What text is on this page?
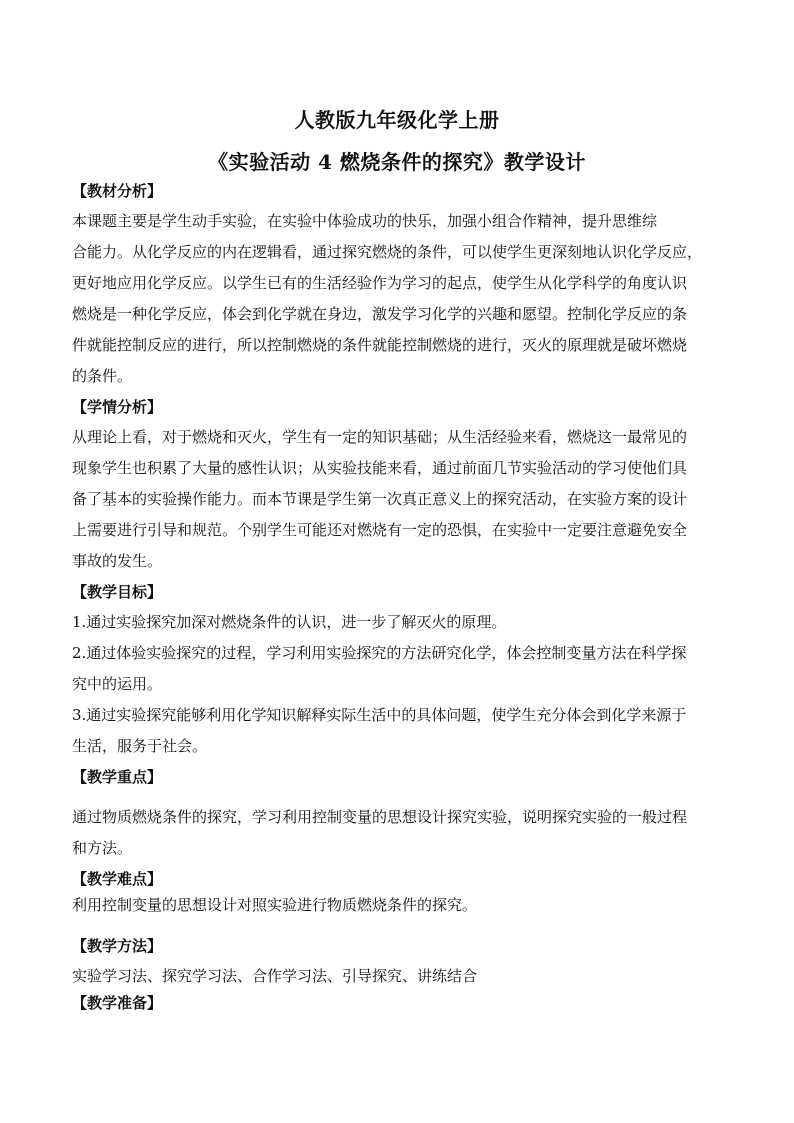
人教版九年级化学上册
《实验活动 4 燃烧条件的探究》教学设计

【教材分析】

本课题主要是学生动手实验，在实验中体验成功的快乐，加强小组合作精神，提升思维综

合能力。从化学反应的内在逻辑看，通过探究燃烧的条件，可以使学生更深刻地认识化学反应，

更好地应用化学反应。以学生已有的生活经验作为学习的起点，使学生从化学科学的角度认识

燃烧是一种化学反应，体会到化学就在身边，激发学习化学的兴趣和愿望。控制化学反应的条

件就能控制反应的进行，所以控制燃烧的条件就能控制燃烧的进行，灭火的原理就是破坏燃烧

的条件。

【学情分析】

从理论上看，对于燃烧和灭火，学生有一定的知识基础；从生活经验来看，燃烧这一最常见的

现象学生也积累了大量的感性认识；从实验技能来看，通过前面几节实验活动的学习使他们具

备了基本的实验操作能力。而本节课是学生第一次真正意义上的探究活动，在实验方案的设计

上需要进行引导和规范。个别学生可能还对燃烧有一定的恐惧，在实验中一定要注意避免安全

事故的发生。

【教学目标】

1.通过实验探究加深对燃烧条件的认识，进一步了解灭火的原理。

2.通过体验实验探究的过程，学习利用实验探究的方法研究化学，体会控制变量方法在科学探

究中的运用。

3.通过实验探究能够利用化学知识解释实际生活中的具体问题，使学生充分体会到化学来源于

生活，服务于社会。

【教学重点】

通过物质燃烧条件的探究，学习利用控制变量的思想设计探究实验，说明探究实验的一般过程

和方法。

【教学难点】

利用控制变量的思想设计对照实验进行物质燃烧条件的探究。

【教学方法】

实验学习法、探究学习法、合作学习法、引导探究、讲练结合

【教学准备】
